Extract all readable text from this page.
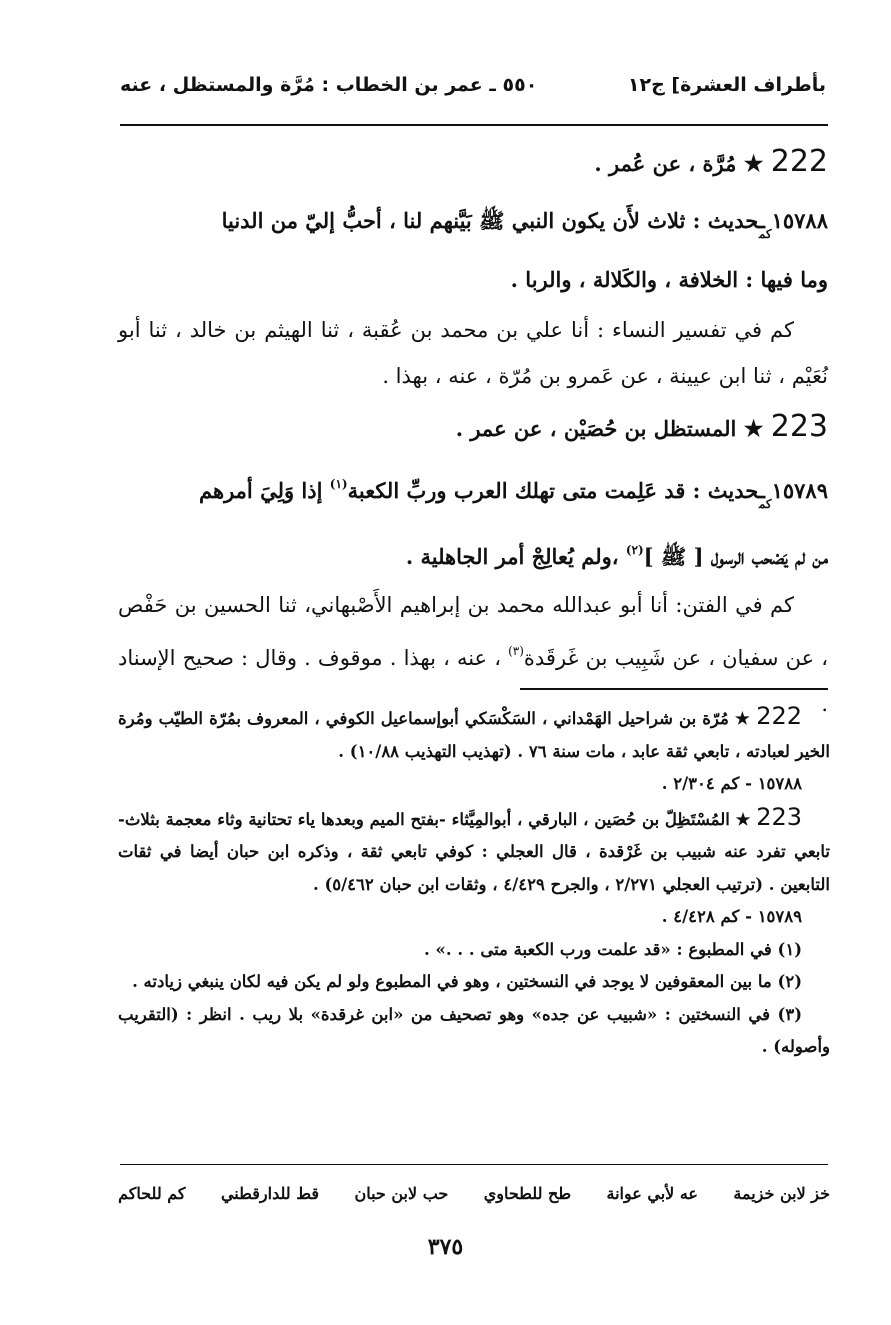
بأطراف العشرة] ج١٢
٥٥٠ ـ عمر بن الخطاب : مُرَّة والمستظل ، عنه

222 ★ مُرَّة ، عن عُمر .

$١٥٧٨٨_{كم}ـحديث$ : ثلاث لأَن يكون النبي ﷺ بَيَّنهم لنا ، أحبُّ إليّ من الدنيا
وما فيها : الخلافة ، والكَلالة ، والربا .

كم في تفسير النساء : أنا علي بن محمد بن عُقبة ، ثنا الهيثم بن خالد ، ثنا أبو نُعَيْم ، ثنا ابن عيينة ، عن عَمرو بن مُرّة ، عنه ، بهذا .

223 ★ المستظل بن حُصَيْن ، عن عمر .

$١٥٧٨٩_{كم}ـحديث$ : قد عَلِمت متى تهلك العرب وربِّ الكعبة$^{(١)}$ إذا وَلِيَ أمرهم
من لم يَصْحب الرسول [ ﷺ ]$^{(٢)}$ ،ولم يُعالِجْ أمر الجاهلية .

كم في الفتن: أنا أبو عبدالله محمد بن إبراهيم الأَصْبهاني، ثنا الحسين بن حَفْص ، عن سفيان ، عن شَبِيب بن غَرقَدة$^{(٣)}$ ، عنه ، بهذا . موقوف . وقال : صحيح الإسناد .

222 ★ مُرّة بن شراحيل الهَمْداني ، السَكْسَكي أبوإسماعيل الكوفي ، المعروف بمُرّة الطيّب ومُرة الخير لعبادته ، تابعي ثقة عابد ، مات سنة ٧٦ . (تهذيب التهذيب ١٠/٨٨) .

١٥٧٨٨ - كم ٢/٣٠٤ .

223 ★ المُسْتَظِلّ بن حُصَين ، البارقي ، أبوالمِيَّثاء -بفتح الميم وبعدها ياء تحتانية وثاء معجمة بثلاث- تابعي تفرد عنه شبيب بن غَرْقدة ، قال العجلي : كوفي تابعي ثقة ، وذكره ابن حبان أيضا في ثقات التابعين . (ترتيب العجلي ٢/٢٧١ ، والجرح ٤/٤٢٩ ، وثقات ابن حبان ٥/٤٦٢) .

١٥٧٨٩ - كم ٤/٤٢٨ .

(١) في المطبوع : «قد علمت ورب الكعبة متى . . .» .

(٢) ما بين المعقوفين لا يوجد في النسختين ، وهو في المطبوع ولو لم يكن فيه لكان ينبغي زيادته .

(٣) في النسختين : «شبيب عن جده» وهو تصحيف من «ابن غرقدة» بلا ريب . انظر : (التقريب وأصوله) .

خز لابن خزيمة
عه لأبي عوانة
طح للطحاوي
حب لابن حبان
قط للدارقطني
كم للحاكم
٣٧٥
